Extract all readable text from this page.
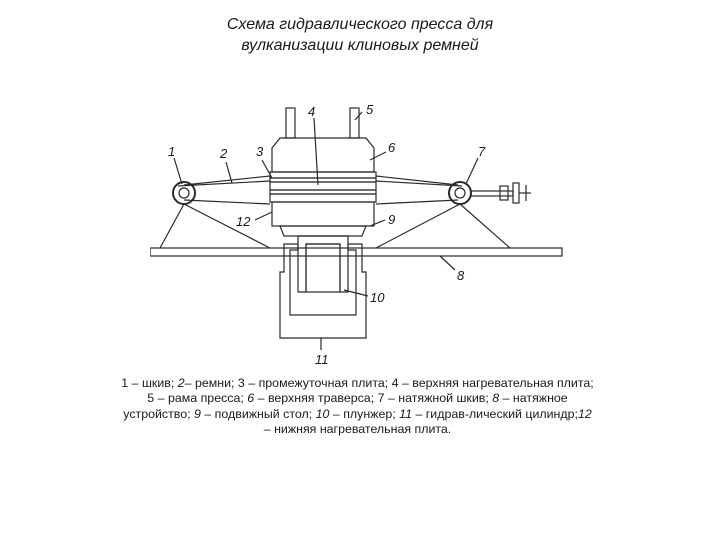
Схема гидравлического пресса для
вулканизации клиновых ремней
1	2 3
4	5
6	7
8
9
10
11
12
1 – шкив; 2– ремни; 3 – промежуточная плита; 4 – верхняя нагревательная плита; 5 – рама пресса; 6 – верхняя траверса; 7 – натяжной шкив; 8 – натяжное устройство; 9 – подвижный стол; 10 – плунжер; 11 – гидрав-лический цилиндр;12 – нижняя нагревательная плита.
